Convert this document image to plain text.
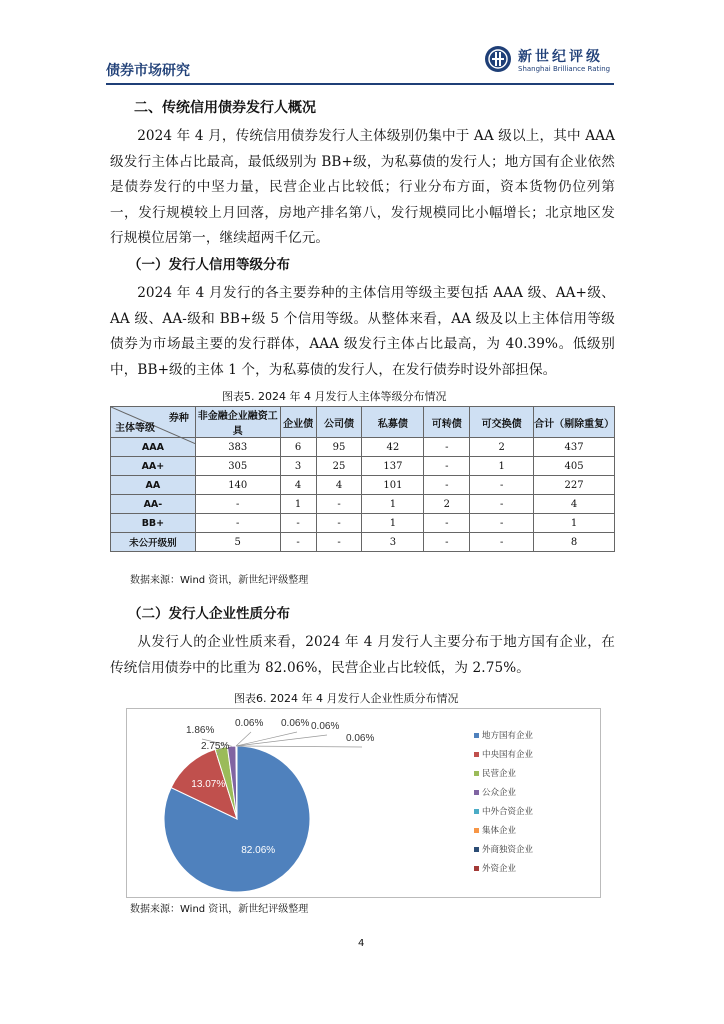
债券市场研究
新世纪评级
Shanghai Brilliance Rating
二、传统信用债券发行人概况
2024 年 4 月，传统信用债券发行人主体级别仍集中于 AA 级以上，其中 AAA 级发行主体占比最高，最低级别为 BB+级，为私募债的发行人；地方国有企业依然是债券发行的中坚力量，民营企业占比较低；行业分布方面，资本货物仍位列第一，发行规模较上月回落，房地产排名第八，发行规模同比小幅增长；北京地区发行规模位居第一，继续超两千亿元。
（一）发行人信用等级分布
2024 年 4 月发行的各主要券种的主体信用等级主要包括 AAA 级、AA+级、AA 级、AA-级和 BB+级 5 个信用等级。从整体来看，AA 级及以上主体信用等级债券为市场最主要的发行群体，AAA 级发行主体占比最高，为 40.39%。低级别中，BB+级的主体 1 个，为私募债的发行人，在发行债券时设外部担保。
图表5. 2024 年 4 月发行人主体等级分布情况
券种
主体等级	非金融企业融资工具	企业债	公司债	私募债	可转债	可交换债	合计（剔除重复）
AAA	383	6	95	42	-	2	437
AA+	305	3	25	137	-	1	405
AA	140	4	4	101	-	-	227
AA-	-	1	-	1	2	-	4
BB+	-	-	-	1	-	-	1
未公开级别	5	-	-	3	-	-	8
数据来源：Wind 资讯，新世纪评级整理
（二）发行人企业性质分布
从发行人的企业性质来看，2024 年 4 月发行人主要分布于地方国有企业，在传统信用债券中的比重为 82.06%，民营企业占比较低，为 2.75%。
图表6. 2024 年 4 月发行人企业性质分布情况
82.06%
13.07%
2.75%
1.86%
0.06% 0.06% 0.06%
0.06%	地方国有企业
中央国有企业
民营企业
公众企业
中外合资企业
集体企业
外商独资企业
外资企业
数据来源：Wind 资讯，新世纪评级整理
4
